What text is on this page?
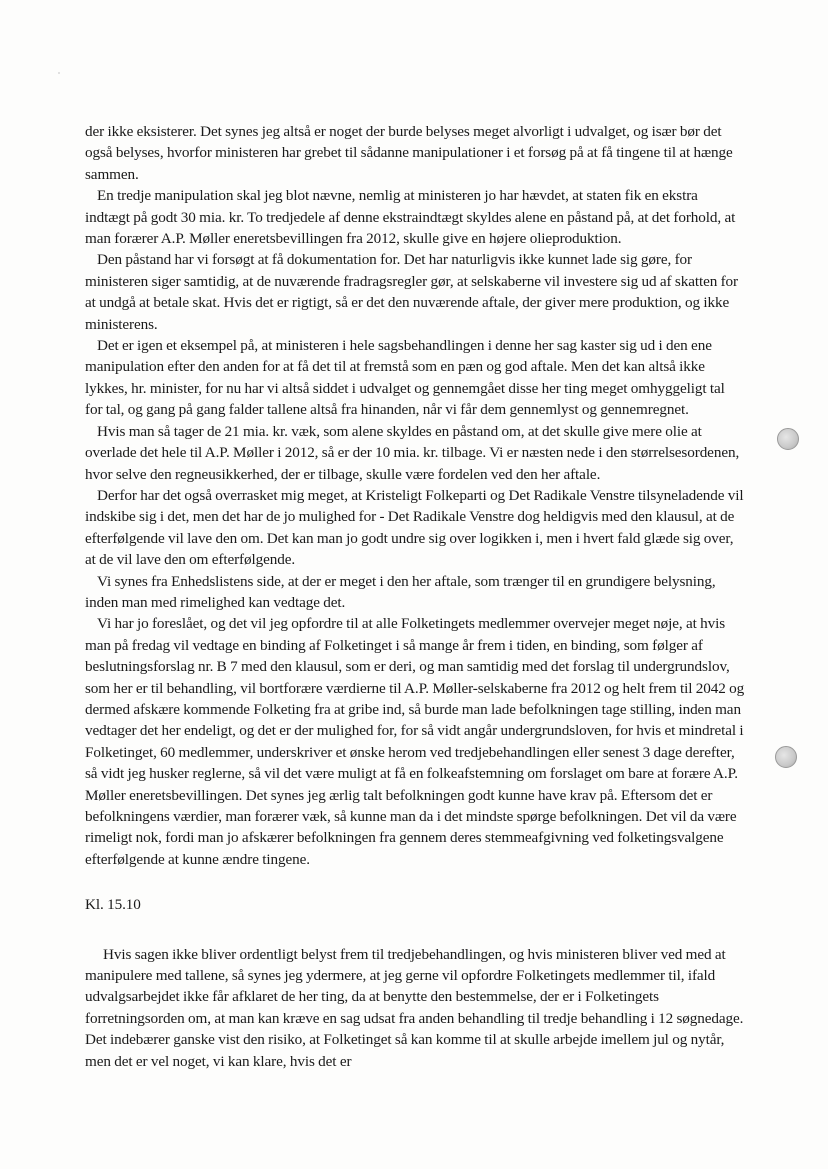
der ikke eksisterer. Det synes jeg altså er noget der burde belyses meget alvorligt i udvalget, og især bør det også belyses, hvorfor ministeren har grebet til sådanne manipulationer i et forsøg på at få tingene til at hænge sammen.

En tredje manipulation skal jeg blot nævne, nemlig at ministeren jo har hævdet, at staten fik en ekstra indtægt på godt 30 mia. kr. To tredjedele af denne ekstraindtægt skyldes alene en påstand på, at det forhold, at man forærer A.P. Møller eneretsbevillingen fra 2012, skulle give en højere olieproduktion.

Den påstand har vi forsøgt at få dokumentation for. Det har naturligvis ikke kunnet lade sig gøre, for ministeren siger samtidig, at de nuværende fradragsregler gør, at selskaberne vil investere sig ud af skatten for at undgå at betale skat. Hvis det er rigtigt, så er det den nuværende aftale, der giver mere produktion, og ikke ministerens.

Det er igen et eksempel på, at ministeren i hele sagsbehandlingen i denne her sag kaster sig ud i den ene manipulation efter den anden for at få det til at fremstå som en pæn og god aftale. Men det kan altså ikke lykkes, hr. minister, for nu har vi altså siddet i udvalget og gennemgået disse her ting meget omhyggeligt tal for tal, og gang på gang falder tallene altså fra hinanden, når vi får dem gennemlyst og gennemregnet.

Hvis man så tager de 21 mia. kr. væk, som alene skyldes en påstand om, at det skulle give mere olie at overlade det hele til A.P. Møller i 2012, så er der 10 mia. kr. tilbage. Vi er næsten nede i den størrelsesordenen, hvor selve den regneusikkerhed, der er tilbage, skulle være fordelen ved den her aftale.

Derfor har det også overrasket mig meget, at Kristeligt Folkeparti og Det Radikale Venstre tilsyneladende vil indskibe sig i det, men det har de jo mulighed for - Det Radikale Venstre dog heldigvis med den klausul, at de efterfølgende vil lave den om. Det kan man jo godt undre sig over logikken i, men i hvert fald glæde sig over, at de vil lave den om efterfølgende.

Vi synes fra Enhedslistens side, at der er meget i den her aftale, som trænger til en grundigere belysning, inden man med rimelighed kan vedtage det.

Vi har jo foreslået, og det vil jeg opfordre til at alle Folketingets medlemmer overvejer meget nøje, at hvis man på fredag vil vedtage en binding af Folketinget i så mange år frem i tiden, en binding, som følger af beslutningsforslag nr. B 7 med den klausul, som er deri, og man samtidig med det forslag til undergrundslov, som her er til behandling, vil bortforære værdierne til A.P. Møller-selskaberne fra 2012 og helt frem til 2042 og dermed afskære kommende Folketing fra at gribe ind, så burde man lade befolkningen tage stilling, inden man vedtager det her endeligt, og det er der mulighed for, for så vidt angår undergrundsloven, for hvis et mindretal i Folketinget, 60 medlemmer, underskriver et ønske herom ved tredjebehandlingen eller senest 3 dage derefter, så vidt jeg husker reglerne, så vil det være muligt at få en folkeafstemning om forslaget om bare at forære A.P. Møller eneretsbevillingen. Det synes jeg ærlig talt befolkningen godt kunne have krav på. Eftersom det er befolkningens værdier, man forærer væk, så kunne man da i det mindste spørge befolkningen. Det vil da være rimeligt nok, fordi man jo afskærer befolkningen fra gennem deres stemmeafgivning ved folketingsvalgene efterfølgende at kunne ændre tingene.

Kl. 15.10

Hvis sagen ikke bliver ordentligt belyst frem til tredjebehandlingen, og hvis ministeren bliver ved med at manipulere med tallene, så synes jeg ydermere, at jeg gerne vil opfordre Folketingets medlemmer til, ifald udvalgsarbejdet ikke får afklaret de her ting, da at benytte den bestemmelse, der er i Folketingets forretningsorden om, at man kan kræve en sag udsat fra anden behandling til tredje behandling i 12 søgnedage. Det indebærer ganske vist den risiko, at Folketinget så kan komme til at skulle arbejde imellem jul og nytår, men det er vel noget, vi kan klare, hvis det er
